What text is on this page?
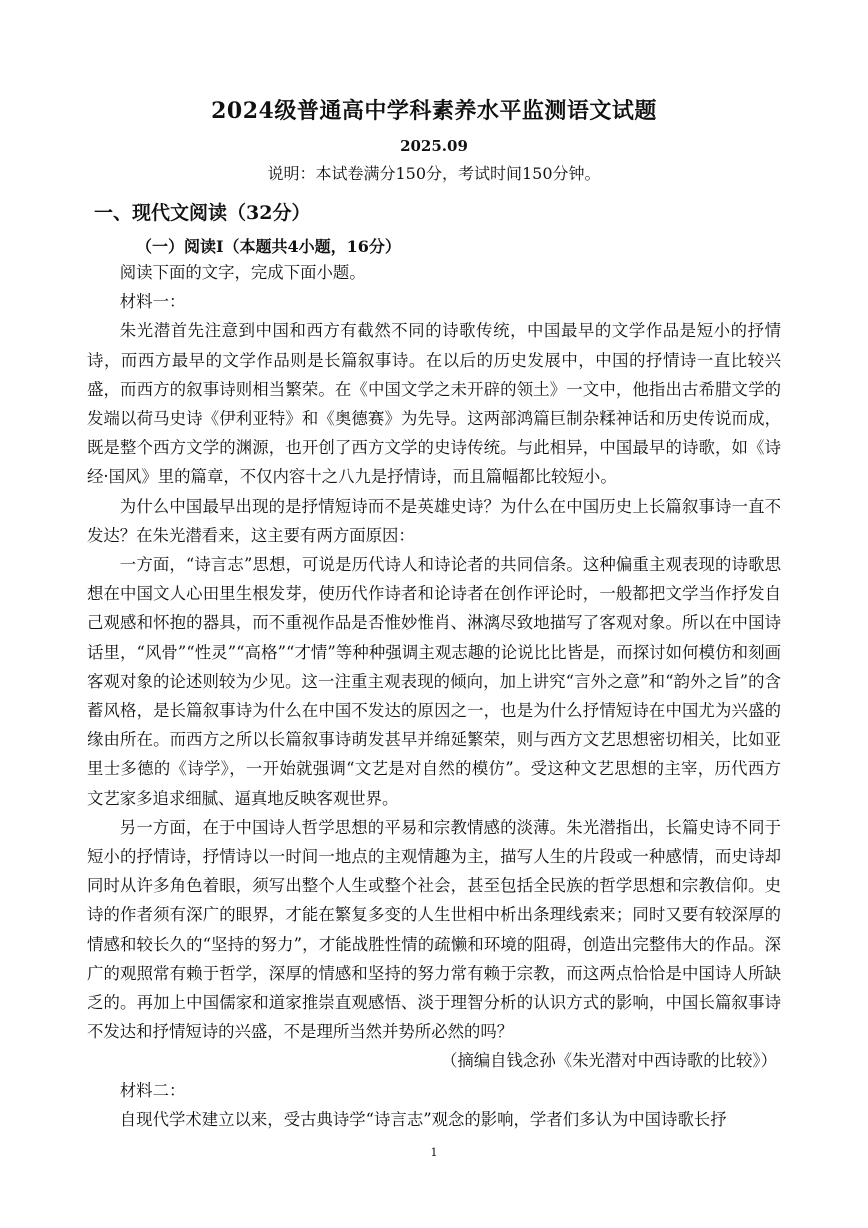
2024级普通高中学科素养水平监测语文试题
2025.09
说明：本试卷满分150分，考试时间150分钟。
一、现代文阅读（32分）
（一）阅读Ⅰ（本题共4小题，16分）

阅读下面的文字，完成下面小题。

材料一：

朱光潜首先注意到中国和西方有截然不同的诗歌传统，中国最早的文学作品是短小的抒情诗，而西方最早的文学作品则是长篇叙事诗。在以后的历史发展中，中国的抒情诗一直比较兴盛，而西方的叙事诗则相当繁荣。在《中国文学之未开辟的领土》一文中，他指出古希腊文学的发端以荷马史诗《伊利亚特》和《奥德赛》为先导。这两部鸿篇巨制杂糅神话和历史传说而成，既是整个西方文学的渊源，也开创了西方文学的史诗传统。与此相异，中国最早的诗歌，如《诗经·国风》里的篇章，不仅内容十之八九是抒情诗，而且篇幅都比较短小。

为什么中国最早出现的是抒情短诗而不是英雄史诗？为什么在中国历史上长篇叙事诗一直不发达？在朱光潜看来，这主要有两方面原因：

一方面，“诗言志”思想，可说是历代诗人和诗论者的共同信条。这种偏重主观表现的诗歌思想在中国文人心田里生根发芽，使历代作诗者和论诗者在创作评论时，一般都把文学当作抒发自己观感和怀抱的器具，而不重视作品是否惟妙惟肖、淋漓尽致地描写了客观对象。所以在中国诗话里，“风骨”“性灵”“高格”“才情”等种种强调主观志趣的论说比比皆是，而探讨如何模仿和刻画客观对象的论述则较为少见。这一注重主观表现的倾向，加上讲究“言外之意”和“韵外之旨”的含蓄风格，是长篇叙事诗为什么在中国不发达的原因之一，也是为什么抒情短诗在中国尤为兴盛的缘由所在。而西方之所以长篇叙事诗萌发甚早并绵延繁荣，则与西方文艺思想密切相关，比如亚里士多德的《诗学》，一开始就强调“文艺是对自然的模仿”。受这种文艺思想的主宰，历代西方文艺家多追求细腻、逼真地反映客观世界。

另一方面，在于中国诗人哲学思想的平易和宗教情感的淡薄。朱光潜指出，长篇史诗不同于短小的抒情诗，抒情诗以一时间一地点的主观情趣为主，描写人生的片段或一种感情，而史诗却同时从许多角色着眼，须写出整个人生或整个社会，甚至包括全民族的哲学思想和宗教信仰。史诗的作者须有深广的眼界，才能在繁复多变的人生世相中析出条理线索来；同时又要有较深厚的情感和较长久的“坚持的努力”，才能战胜性情的疏懒和环境的阻碍，创造出完整伟大的作品。深广的观照常有赖于哲学，深厚的情感和坚持的努力常有赖于宗教，而这两点恰恰是中国诗人所缺乏的。再加上中国儒家和道家推崇直观感悟、淡于理智分析的认识方式的影响，中国长篇叙事诗不发达和抒情短诗的兴盛，不是理所当然并势所必然的吗？

（摘编自钱念孙《朱光潜对中西诗歌的比较》）

材料二：

自现代学术建立以来，受古典诗学“诗言志”观念的影响，学者们多认为中国诗歌长抒

1
